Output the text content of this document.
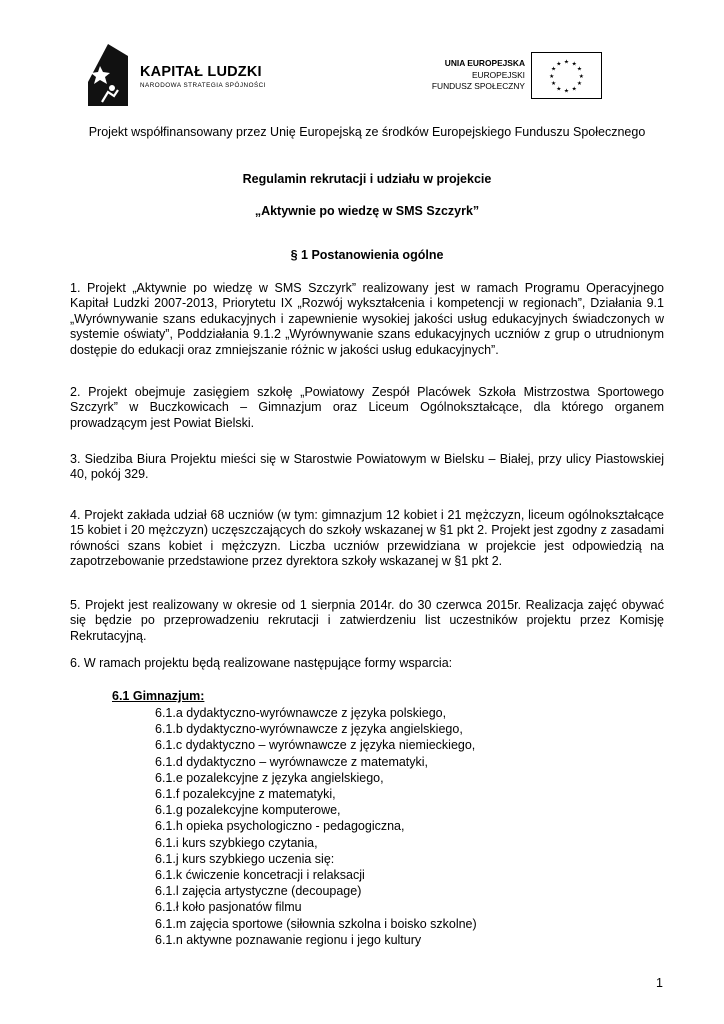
KAPITAŁ LUDZKI
NARODOWA STRATEGIA SPÓJNOŚCI
UNIA EUROPEJSKA
EUROPEJSKI
FUNDUSZ SPOŁECZNY
★ ★
★
★
★
★
★
★
★
★
★
★
Projekt współfinansowany przez Unię Europejską ze środków Europejskiego Funduszu Społecznego
Regulamin rekrutacji i udziału w projekcie
„Aktywnie po wiedzę w SMS Szczyrk”
§ 1 Postanowienia ogólne
1. Projekt „Aktywnie po wiedzę w SMS Szczyrk” realizowany jest w ramach Programu Operacyjnego Kapitał Ludzki 2007-2013, Priorytetu IX „Rozwój wykształcenia i kompetencji w regionach”, Działania 9.1 „Wyrównywanie szans edukacyjnych i zapewnienie wysokiej jakości usług edukacyjnych świadczonych w systemie oświaty”, Poddziałania 9.1.2 „Wyrównywanie szans edukacyjnych uczniów z grup o utrudnionym dostępie do edukacji oraz zmniejszanie różnic w jakości usług edukacyjnych”.
2. Projekt obejmuje zasięgiem szkołę „Powiatowy Zespół Placówek Szkoła Mistrzostwa Sportowego Szczyrk” w Buczkowicach – Gimnazjum oraz Liceum Ogólnokształcące, dla którego organem prowadzącym jest Powiat Bielski.
3. Siedziba Biura Projektu mieści się w Starostwie Powiatowym w Bielsku – Białej, przy ulicy Piastowskiej 40, pokój 329.
4. Projekt zakłada udział 68 uczniów (w tym: gimnazjum 12 kobiet i 21 mężczyzn, liceum ogólnokształcące 15 kobiet i 20 mężczyzn) uczęszczających do szkoły wskazanej w §1 pkt 2. Projekt jest zgodny z zasadami równości szans kobiet i mężczyzn. Liczba uczniów przewidziana w projekcie jest odpowiedzią na zapotrzebowanie przedstawione przez dyrektora szkoły wskazanej w §1 pkt 2.
5. Projekt jest realizowany w okresie od 1 sierpnia 2014r. do 30 czerwca 2015r. Realizacja zajęć obywać się będzie po przeprowadzeniu rekrutacji i zatwierdzeniu list uczestników projektu przez Komisję Rekrutacyjną.
6. W ramach projektu będą realizowane następujące formy wsparcia:
6.1 Gimnazjum:
6.1.a dydaktyczno-wyrównawcze z języka polskiego,
6.1.b dydaktyczno-wyrównawcze z języka angielskiego,
6.1.c dydaktyczno – wyrównawcze z języka niemieckiego,
6.1.d dydaktyczno – wyrównawcze z matematyki,
6.1.e pozalekcyjne z języka angielskiego,
6.1.f pozalekcyjne z matematyki,
6.1.g pozalekcyjne komputerowe,
6.1.h opieka psychologiczno - pedagogiczna,
6.1.i kurs szybkiego czytania,
6.1.j kurs szybkiego uczenia się:
6.1.k ćwiczenie koncetracji i relaksacji
6.1.l zajęcia artystyczne (decoupage)
6.1.ł koło pasjonatów filmu
6.1.m zajęcia sportowe (siłownia szkolna i boisko szkolne)
6.1.n aktywne poznawanie regionu i jego kultury
1
